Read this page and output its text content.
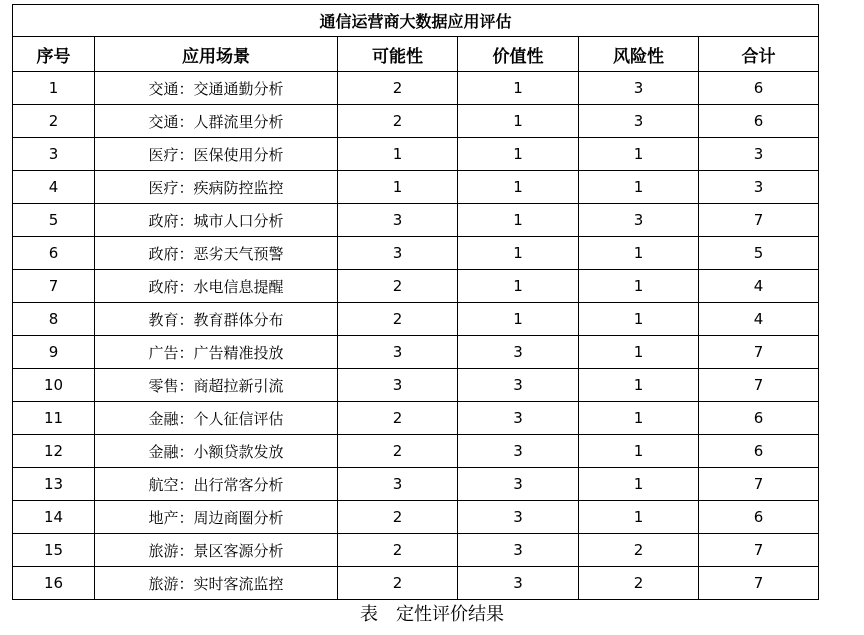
通信运营商大数据应用评估					
序号	应用场景	可能性	价值性	风险性	合计
1	交通：交通通勤分析	2	1	3	6
2	交通：人群流里分析	2	1	3	6
3	医疗：医保使用分析	1	1	1	3
4	医疗：疾病防控监控	1	1	1	3
5	政府：城市人口分析	3	1	3	7
6	政府：恶劣天气预警	3	1	1	5
7	政府：水电信息提醒	2	1	1	4
8	教育：教育群体分布	2	1	1	4
9	广告：广告精准投放	3	3	1	7
10	零售：商超拉新引流	3	3	1	7
11	金融：个人征信评估	2	3	1	6
12	金融：小额贷款发放	2	3	1	6
13	航空：出行常客分析	3	3	1	7
14	地产：周边商圈分析	2	3	1	6
15	旅游：景区客源分析	2	3	2	7
16	旅游：实时客流监控	2	3	2	7
表 定性评价结果
